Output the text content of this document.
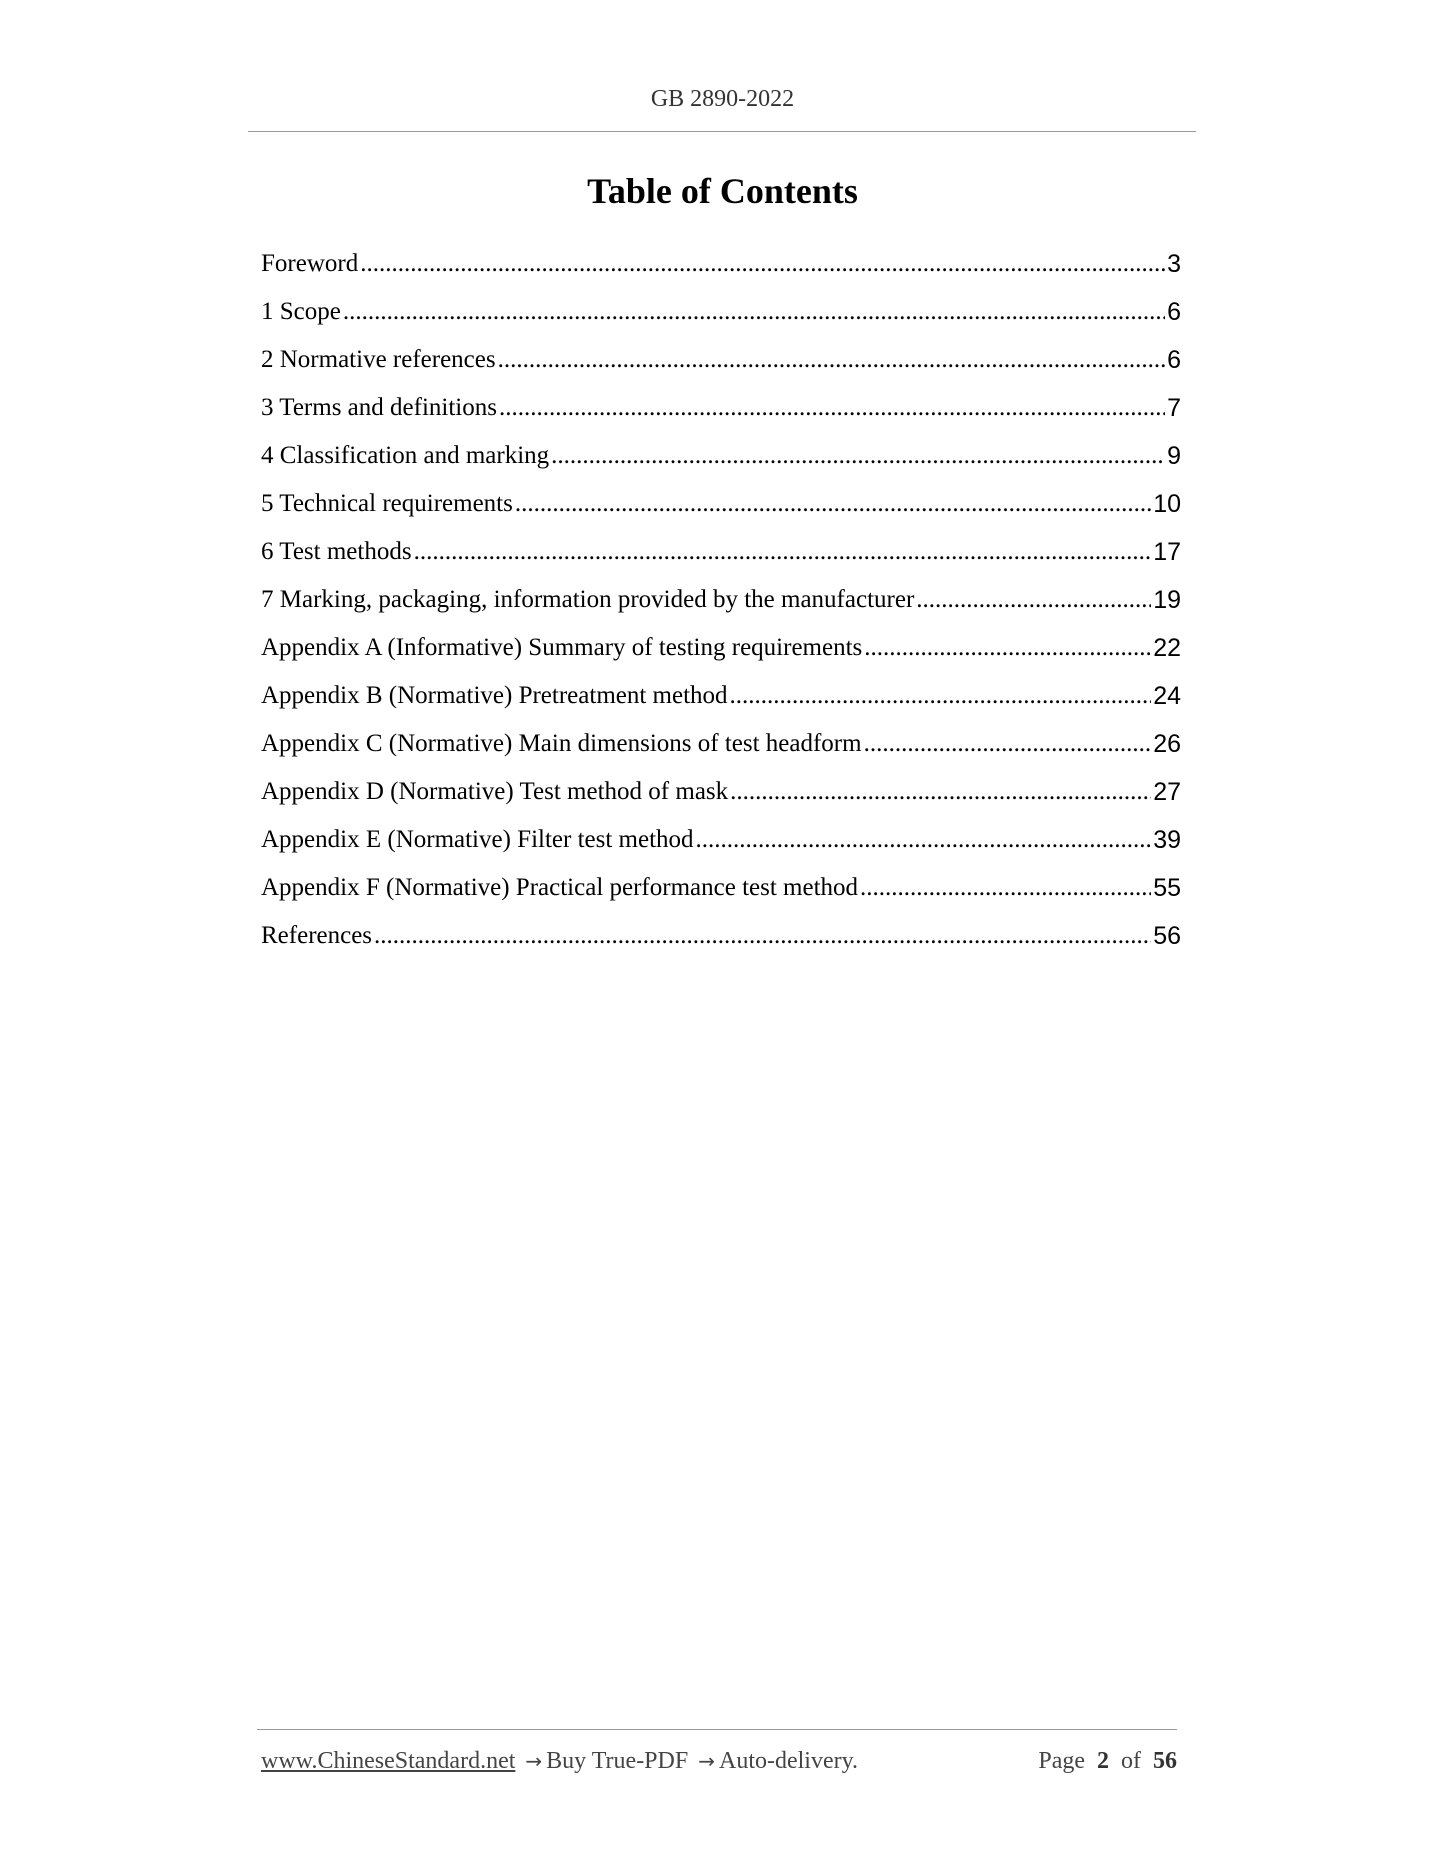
GB 2890-2022
Table of Contents
Foreword .....	3
1 Scope .....	6
2 Normative references .....	6
3 Terms and definitions .....	7
4 Classification and marking .....	9
5 Technical requirements .....	10
6 Test methods .....	17
7 Marking, packaging, information provided by the manufacturer .....	19
Appendix A (Informative) Summary of testing requirements .....	22
Appendix B (Normative) Pretreatment method .....	24
Appendix C (Normative) Main dimensions of test headform .....	26
Appendix D (Normative) Test method of mask .....	27
Appendix E (Normative) Filter test method .....	39
Appendix F (Normative) Practical performance test method .....	55
References .....	56
www.ChineseStandard.net → Buy True-PDF → Auto-delivery.	Page 2 of 56
